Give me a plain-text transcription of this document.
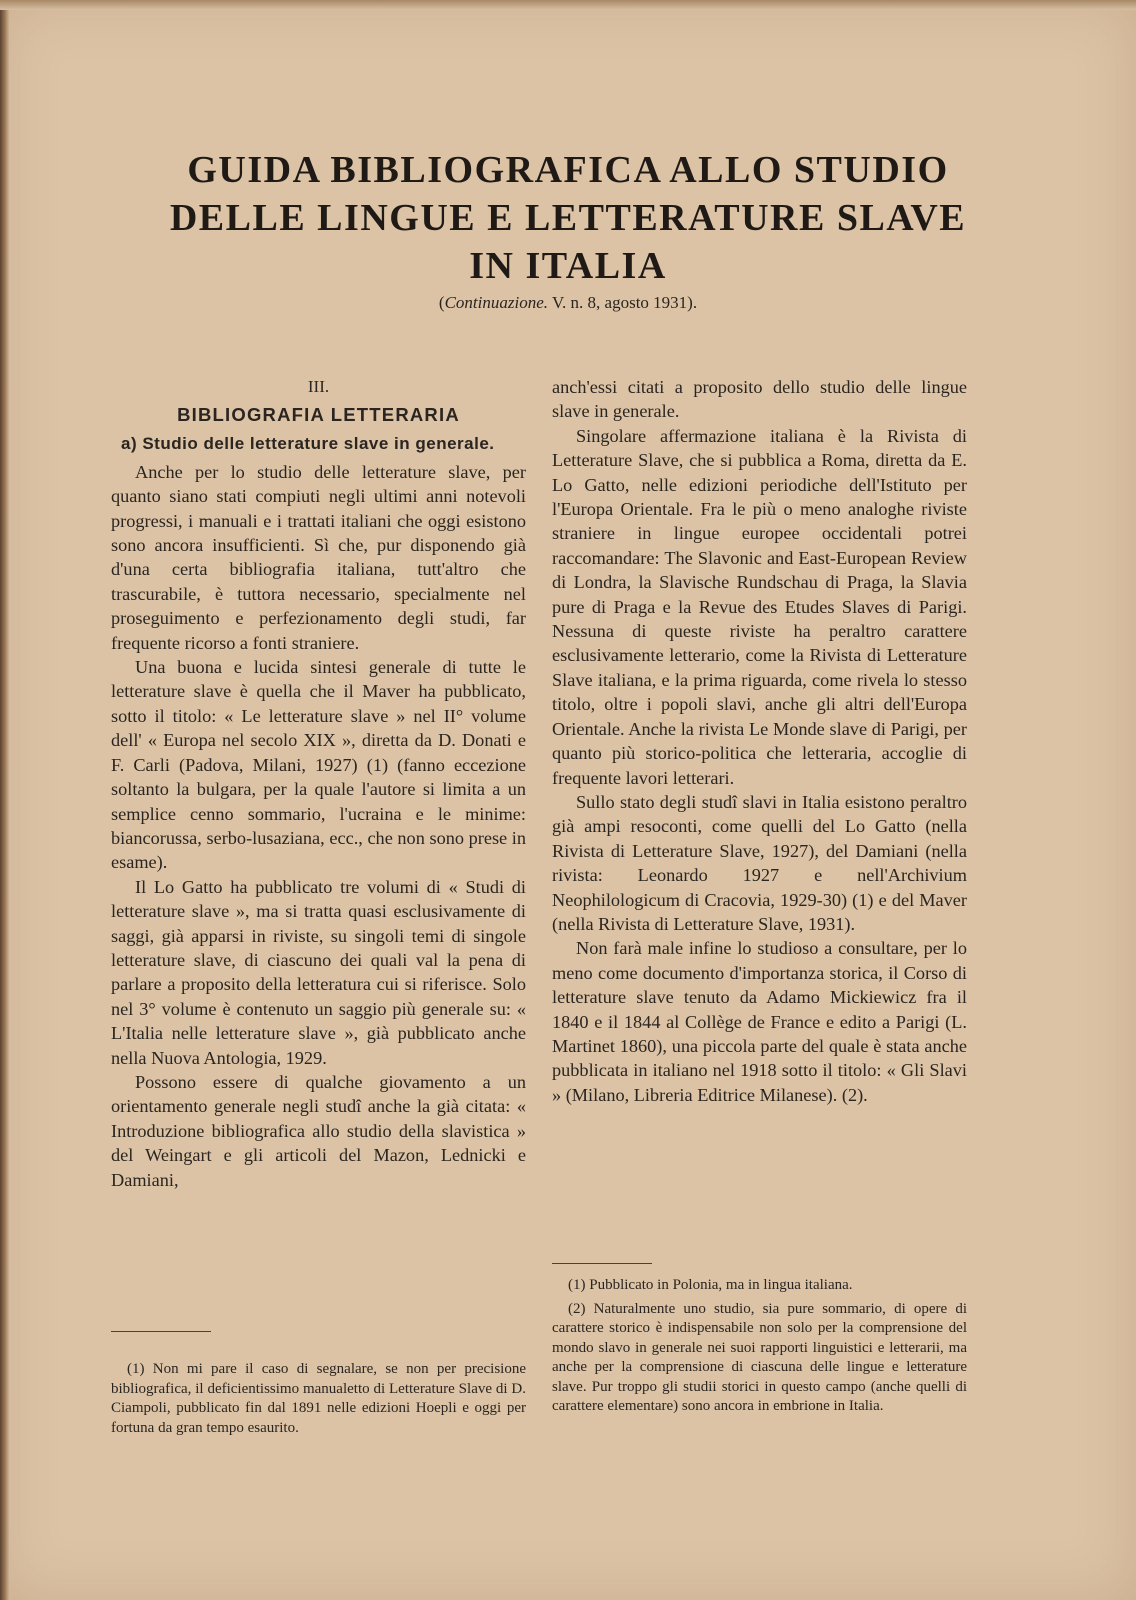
GUIDA BIBLIOGRAFICA ALLO STUDIO
DELLE LINGUE E LETTERATURE SLAVE
IN ITALIA
(Continuazione. V. n. 8, agosto 1931).
III.
BIBLIOGRAFIA LETTERARIA
a) Studio delle letterature slave in generale.

Anche per lo studio delle letterature slave, per quanto siano stati compiuti negli ultimi anni notevoli progressi, i manuali e i trattati italiani che oggi esistono sono ancora insufficienti. Sì che, pur disponendo già d'una certa bibliografia italiana, tutt'altro che trascurabile, è tuttora necessario, specialmente nel proseguimento e perfezionamento degli studi, far frequente ricorso a fonti straniere.

Una buona e lucida sintesi generale di tutte le letterature slave è quella che il Maver ha pubblicato, sotto il titolo: « Le letterature slave » nel II° volume dell' « Europa nel secolo XIX », diretta da D. Donati e F. Carli (Padova, Milani, 1927) (1) (fanno eccezione soltanto la bulgara, per la quale l'autore si limita a un semplice cenno sommario, l'ucraina e le minime: biancorussa, serbo-lusaziana, ecc., che non sono prese in esame).

Il Lo Gatto ha pubblicato tre volumi di « Studi di letterature slave », ma si tratta quasi esclusivamente di saggi, già apparsi in riviste, su singoli temi di singole letterature slave, di ciascuno dei quali val la pena di parlare a proposito della letteratura cui si riferisce. Solo nel 3° volume è contenuto un saggio più generale su: « L'Italia nelle letterature slave », già pubblicato anche nella Nuova Antologia, 1929.

Possono essere di qualche giovamento a un orientamento generale negli studî anche la già citata: « Introduzione bibliografica allo studio della slavistica » del Weingart e gli articoli del Mazon, Lednicki e Damiani,

anch'essi citati a proposito dello studio delle lingue slave in generale.

Singolare affermazione italiana è la Rivista di Letterature Slave, che si pubblica a Roma, diretta da E. Lo Gatto, nelle edizioni periodiche dell'Istituto per l'Europa Orientale. Fra le più o meno analoghe riviste straniere in lingue europee occidentali potrei raccomandare: The Slavonic and East-European Review di Londra, la Slavische Rundschau di Praga, la Slavia pure di Praga e la Revue des Etudes Slaves di Parigi. Nessuna di queste riviste ha peraltro carattere esclusivamente letterario, come la Rivista di Letterature Slave italiana, e la prima riguarda, come rivela lo stesso titolo, oltre i popoli slavi, anche gli altri dell'Europa Orientale. Anche la rivista Le Monde slave di Parigi, per quanto più storico-politica che letteraria, accoglie di frequente lavori letterari.

Sullo stato degli studî slavi in Italia esistono peraltro già ampi resoconti, come quelli del Lo Gatto (nella Rivista di Letterature Slave, 1927), del Damiani (nella rivista: Leonardo 1927 e nell'Archivium Neophilologicum di Cracovia, 1929-30) (1) e del Maver (nella Rivista di Letterature Slave, 1931).

Non farà male infine lo studioso a consultare, per lo meno come documento d'importanza storica, il Corso di letterature slave tenuto da Adamo Mickiewicz fra il 1840 e il 1844 al Collège de France e edito a Parigi (L. Martinet 1860), una piccola parte del quale è stata anche pubblicata in italiano nel 1918 sotto il titolo: « Gli Slavi » (Milano, Libreria Editrice Milanese). (2).

(1) Non mi pare il caso di segnalare, se non per precisione bibliografica, il deficientissimo manualetto di Letterature Slave di D. Ciampoli, pubblicato fin dal 1891 nelle edizioni Hoepli e oggi per fortuna da gran tempo esaurito.

(1) Pubblicato in Polonia, ma in lingua italiana.

(2) Naturalmente uno studio, sia pure sommario, di opere di carattere storico è indispensabile non solo per la comprensione del mondo slavo in generale nei suoi rapporti linguistici e letterarii, ma anche per la comprensione di ciascuna delle lingue e letterature slave. Pur troppo gli studii storici in questo campo (anche quelli di carattere elementare) sono ancora in embrione in Italia.
